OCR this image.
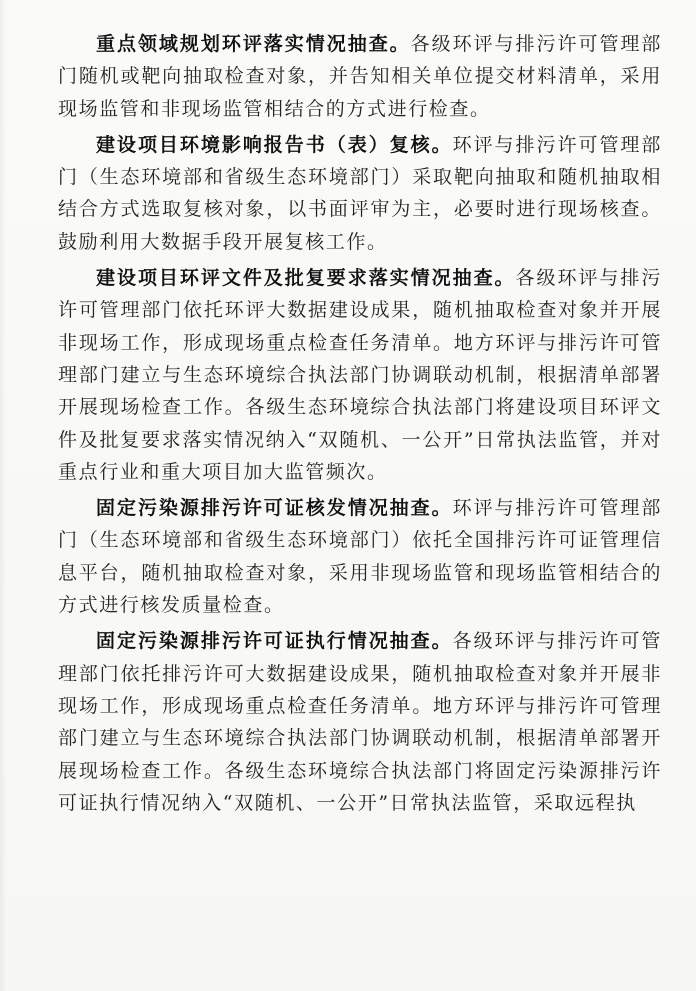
重点领域规划环评落实情况抽查。各级环评与排污许可管理部门随机或靶向抽取检查对象，并告知相关单位提交材料清单，采用现场监管和非现场监管相结合的方式进行检查。

建设项目环境影响报告书（表）复核。环评与排污许可管理部门（生态环境部和省级生态环境部门）采取靶向抽取和随机抽取相结合方式选取复核对象，以书面评审为主，必要时进行现场核查。鼓励利用大数据手段开展复核工作。

建设项目环评文件及批复要求落实情况抽查。各级环评与排污许可管理部门依托环评大数据建设成果，随机抽取检查对象并开展非现场工作，形成现场重点检查任务清单。地方环评与排污许可管理部门建立与生态环境综合执法部门协调联动机制，根据清单部署开展现场检查工作。各级生态环境综合执法部门将建设项目环评文件及批复要求落实情况纳入“双随机、一公开”日常执法监管，并对重点行业和重大项目加大监管频次。

固定污染源排污许可证核发情况抽查。环评与排污许可管理部门（生态环境部和省级生态环境部门）依托全国排污许可证管理信息平台，随机抽取检查对象，采用非现场监管和现场监管相结合的方式进行核发质量检查。

固定污染源排污许可证执行情况抽查。各级环评与排污许可管理部门依托排污许可大数据建设成果，随机抽取检查对象并开展非现场工作，形成现场重点检查任务清单。地方环评与排污许可管理部门建立与生态环境综合执法部门协调联动机制，根据清单部署开展现场检查工作。各级生态环境综合执法部门将固定污染源排污许可证执行情况纳入“双随机、一公开”日常执法监管，采取远程执
